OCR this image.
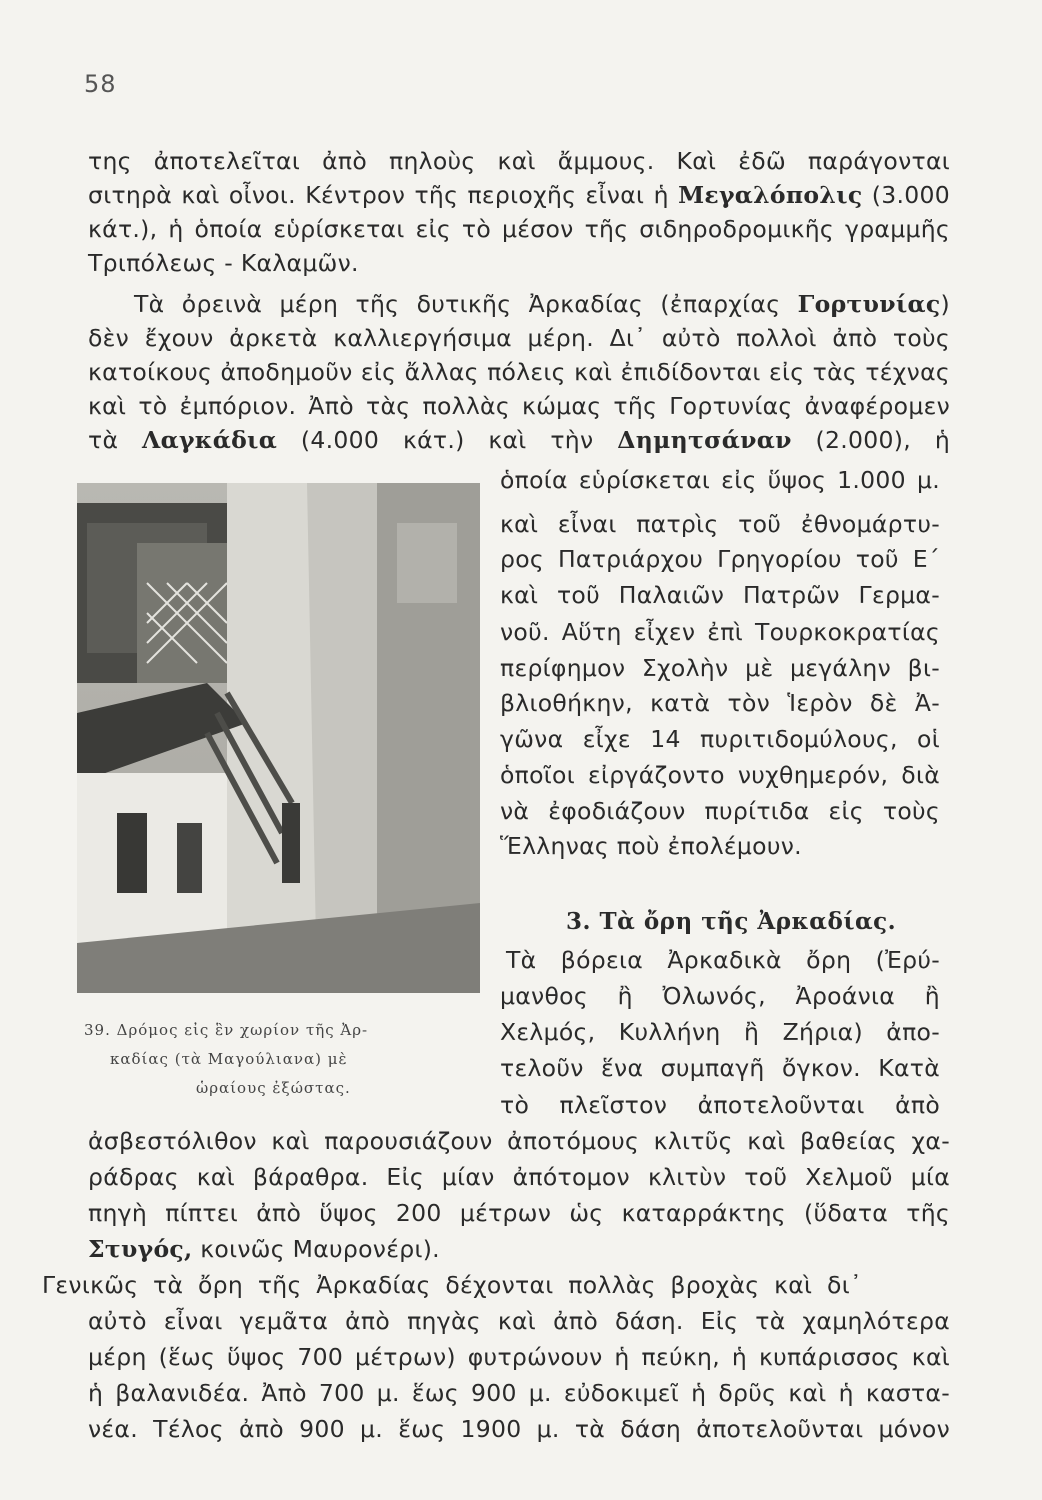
58
της ἀποτελεῖται ἀπὸ πηλοὺς καὶ ἄμμους. Καὶ ἐδῶ παράγονται
σιτηρὰ καὶ οἶνοι. Κέντρον τῆς περιοχῆς εἶναι ἡ Μεγαλόπολις (3.000
κάτ.), ἡ ὁποία εὑρίσκεται εἰς τὸ μέσον τῆς σιδηροδρομικῆς γραμμῆς
Τριπόλεως - Καλαμῶν.
Τὰ ὀρεινὰ μέρη τῆς δυτικῆς Ἀρκαδίας (ἐπαρχίας Γορτυνίας)
δὲν ἔχουν ἀρκετὰ καλλιεργήσιμα μέρη. Δι᾿ αὐτὸ πολλοὶ ἀπὸ τοὺς
κατοίκους ἀποδημοῦν εἰς ἄλλας πόλεις καὶ ἐπιδίδονται εἰς τὰς τέχνας
καὶ τὸ ἐμπόριον. Ἀπὸ τὰς πολλὰς κώμας τῆς Γορτυνίας ἀναφέρομεν
τὰ Λαγκάδια (4.000 κάτ.) καὶ τὴν Δημητσάναν (2.000), ἡ
ὁποία εὑρίσκεται εἰς ὕψος 1.000 μ.
καὶ εἶναι πατρὶς τοῦ ἐθνομάρτυ-
ρος Πατριάρχου Γρηγορίου τοῦ Ε΄
καὶ τοῦ Παλαιῶν Πατρῶν Γερμα-
νοῦ. Αὕτη εἶχεν ἐπὶ Τουρκοκρατίας
περίφημον Σχολὴν μὲ μεγάλην βι-
βλιοθήκην, κατὰ τὸν Ἱερὸν δὲ Ἀ-
γῶνα εἶχε 14 πυριτιδομύλους, οἱ
ὁποῖοι εἰργάζοντο νυχθημερόν, διὰ
νὰ ἐφοδιάζουν πυρίτιδα εἰς τοὺς
Ἕλληνας ποὺ ἐπολέμουν.
3. Τὰ ὄρη τῆς Ἀρκαδίας.
Τὰ βόρεια Ἀρκαδικὰ ὄρη (Ἐρύ-
μανθος ἢ Ὀλωνός, Ἀροάνια ἢ
Χελμός, Κυλλήνη ἢ Ζήρια) ἀπο-
τελοῦν ἕνα συμπαγῆ ὄγκον. Κατὰ
τὸ πλεῖστον ἀποτελοῦνται ἀπὸ
39. Δρόμος εἰς ἓν χωρίον τῆς Ἀρ-
καδίας (τὰ Μαγούλιανα) μὲ
ὡραίους ἐξώστας.
ἀσβεστόλιθον καὶ παρουσιάζουν ἀποτόμους κλιτῦς καὶ βαθείας χα-
ράδρας καὶ βάραθρα. Εἰς μίαν ἀπότομον κλιτὺν τοῦ Χελμοῦ μία
πηγὴ πίπτει ἀπὸ ὕψος 200 μέτρων ὡς καταρράκτης (ὕδατα τῆς
Στυγός, κοινῶς Μαυρονέρι).
Γενικῶς τὰ ὄρη τῆς Ἀρκαδίας δέχονται πολλὰς βροχὰς καὶ δι᾿
αὐτὸ εἶναι γεμᾶτα ἀπὸ πηγὰς καὶ ἀπὸ δάση. Εἰς τὰ χαμηλότερα
μέρη (ἕως ὕψος 700 μέτρων) φυτρώνουν ἡ πεύκη, ἡ κυπάρισσος καὶ
ἡ βαλανιδέα. Ἀπὸ 700 μ. ἕως 900 μ. εὐδοκιμεῖ ἡ δρῦς καὶ ἡ καστα-
νέα. Τέλος ἀπὸ 900 μ. ἕως 1900 μ. τὰ δάση ἀποτελοῦνται μόνον
